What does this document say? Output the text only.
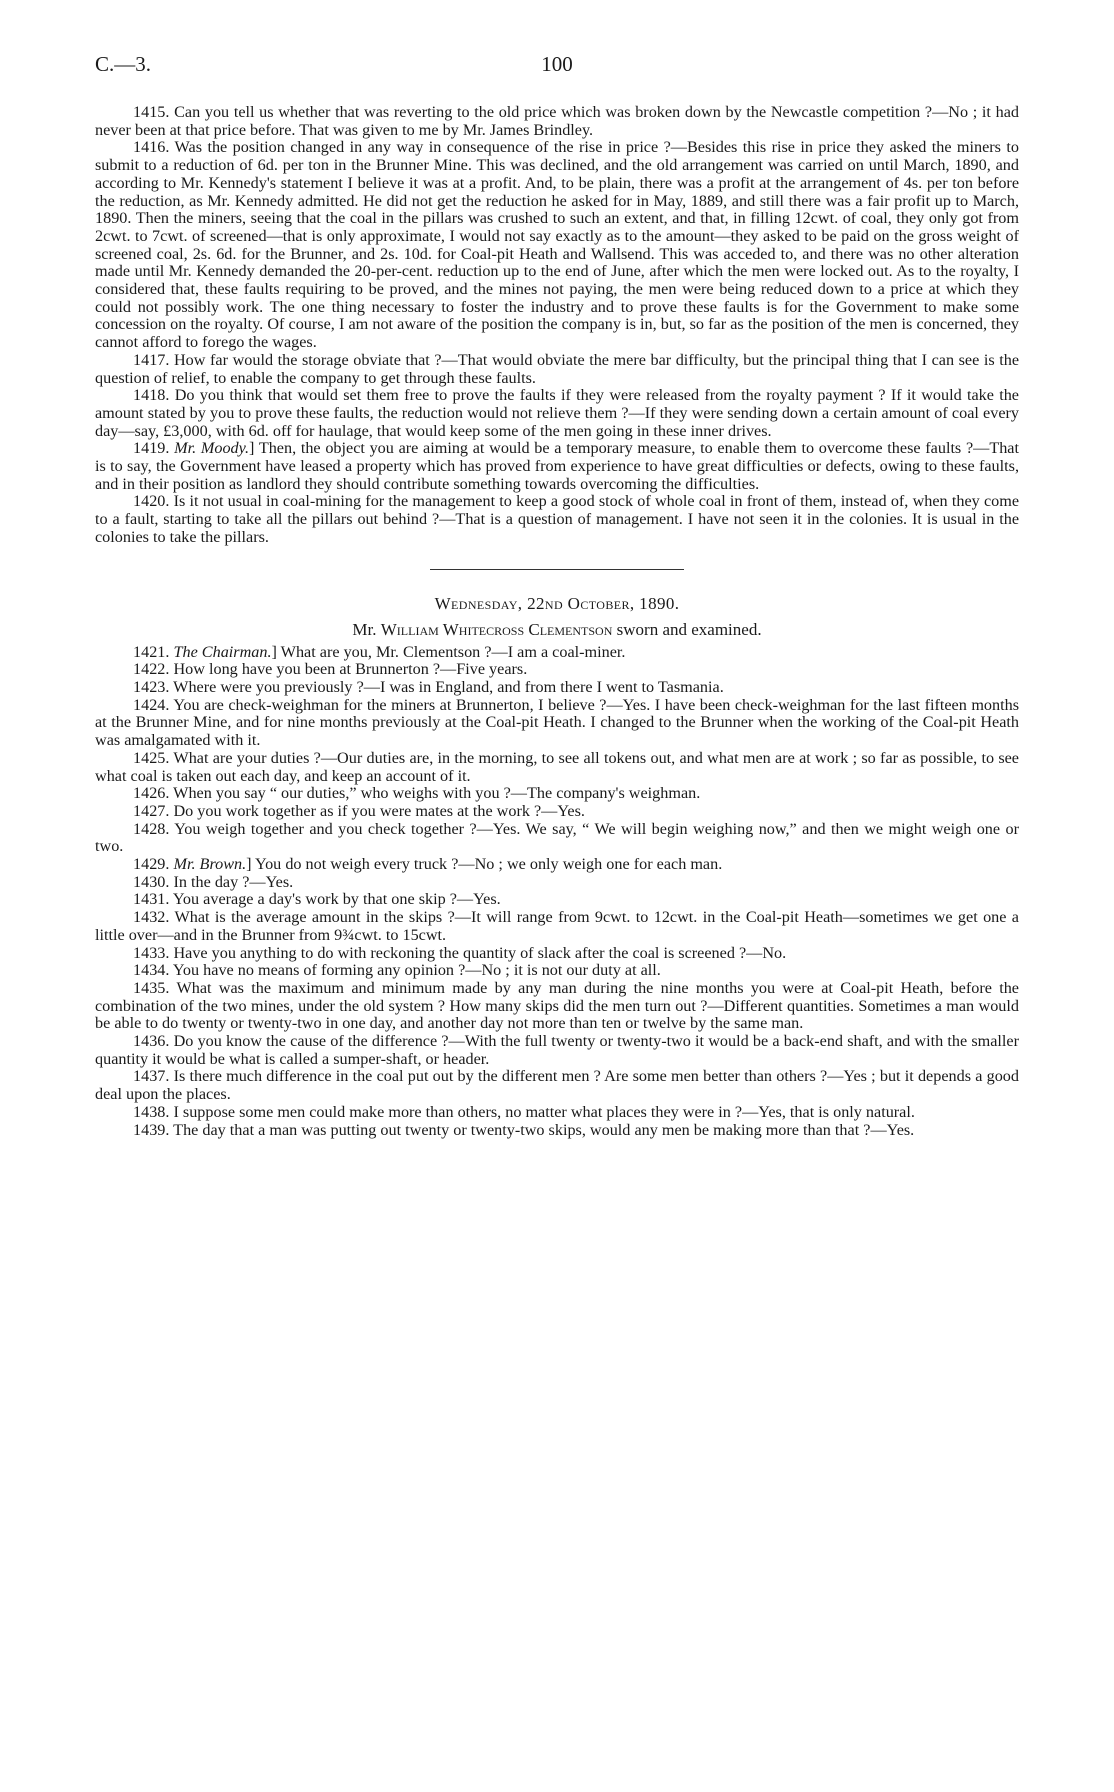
C.—3.	100

1415. Can you tell us whether that was reverting to the old price which was broken down by the Newcastle competition ?—No ; it had never been at that price before. That was given to me by Mr. James Brindley.

1416. Was the position changed in any way in consequence of the rise in price ?—Besides this rise in price they asked the miners to submit to a reduction of 6d. per ton in the Brunner Mine. This was declined, and the old arrangement was carried on until March, 1890, and according to Mr. Kennedy's statement I believe it was at a profit. And, to be plain, there was a profit at the arrangement of 4s. per ton before the reduction, as Mr. Kennedy admitted. He did not get the reduction he asked for in May, 1889, and still there was a fair profit up to March, 1890. Then the miners, seeing that the coal in the pillars was crushed to such an extent, and that, in filling 12cwt. of coal, they only got from 2cwt. to 7cwt. of screened—that is only approximate, I would not say exactly as to the amount—they asked to be paid on the gross weight of screened coal, 2s. 6d. for the Brunner, and 2s. 10d. for Coal-pit Heath and Wallsend. This was acceded to, and there was no other alteration made until Mr. Kennedy demanded the 20-per-cent. reduction up to the end of June, after which the men were locked out. As to the royalty, I considered that, these faults requiring to be proved, and the mines not paying, the men were being reduced down to a price at which they could not possibly work. The one thing necessary to foster the industry and to prove these faults is for the Government to make some concession on the royalty. Of course, I am not aware of the position the company is in, but, so far as the position of the men is concerned, they cannot afford to forego the wages.

1417. How far would the storage obviate that ?—That would obviate the mere bar difficulty, but the principal thing that I can see is the question of relief, to enable the company to get through these faults.

1418. Do you think that would set them free to prove the faults if they were released from the royalty payment ? If it would take the amount stated by you to prove these faults, the reduction would not relieve them ?—If they were sending down a certain amount of coal every day—say, £3,000, with 6d. off for haulage, that would keep some of the men going in these inner drives.

1419. Mr. Moody.] Then, the object you are aiming at would be a temporary measure, to enable them to overcome these faults ?—That is to say, the Government have leased a property which has proved from experience to have great difficulties or defects, owing to these faults, and in their position as landlord they should contribute something towards overcoming the difficulties.

1420. Is it not usual in coal-mining for the management to keep a good stock of whole coal in front of them, instead of, when they come to a fault, starting to take all the pillars out behind ?—That is a question of management. I have not seen it in the colonies. It is usual in the colonies to take the pillars.

Wednesday, 22nd October, 1890.
Mr. William Whitecross Clementson sworn and examined.

1421. The Chairman.] What are you, Mr. Clementson ?—I am a coal-miner.

1422. How long have you been at Brunnerton ?—Five years.

1423. Where were you previously ?—I was in England, and from there I went to Tasmania.

1424. You are check-weighman for the miners at Brunnerton, I believe ?—Yes. I have been check-weighman for the last fifteen months at the Brunner Mine, and for nine months previously at the Coal-pit Heath. I changed to the Brunner when the working of the Coal-pit Heath was amalgamated with it.

1425. What are your duties ?—Our duties are, in the morning, to see all tokens out, and what men are at work ; so far as possible, to see what coal is taken out each day, and keep an account of it.

1426. When you say “ our duties,” who weighs with you ?—The company's weighman.

1427. Do you work together as if you were mates at the work ?—Yes.

1428. You weigh together and you check together ?—Yes. We say, “ We will begin weighing now,” and then we might weigh one or two.

1429. Mr. Brown.] You do not weigh every truck ?—No ; we only weigh one for each man.

1430. In the day ?—Yes.

1431. You average a day's work by that one skip ?—Yes.

1432. What is the average amount in the skips ?—It will range from 9cwt. to 12cwt. in the Coal-pit Heath—sometimes we get one a little over—and in the Brunner from 9¾cwt. to 15cwt.

1433. Have you anything to do with reckoning the quantity of slack after the coal is screened ?—No.

1434. You have no means of forming any opinion ?—No ; it is not our duty at all.

1435. What was the maximum and minimum made by any man during the nine months you were at Coal-pit Heath, before the combination of the two mines, under the old system ? How many skips did the men turn out ?—Different quantities. Sometimes a man would be able to do twenty or twenty-two in one day, and another day not more than ten or twelve by the same man.

1436. Do you know the cause of the difference ?—With the full twenty or twenty-two it would be a back-end shaft, and with the smaller quantity it would be what is called a sumper-shaft, or header.

1437. Is there much difference in the coal put out by the different men ? Are some men better than others ?—Yes ; but it depends a good deal upon the places.

1438. I suppose some men could make more than others, no matter what places they were in ?—Yes, that is only natural.

1439. The day that a man was putting out twenty or twenty-two skips, would any men be making more than that ?—Yes.
